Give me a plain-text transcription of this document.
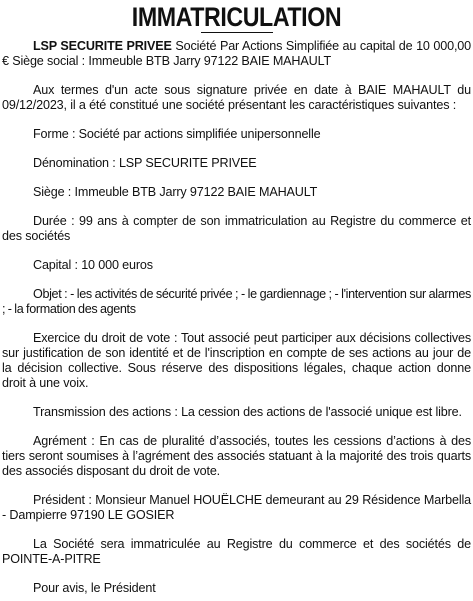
IMMATRICULATION

LSP SECURITE PRIVEE Société Par Actions Simplifiée au capital de 10 000,00 € Siège social : Immeuble BTB Jarry 97122 BAIE MAHAULT

Aux termes d'un acte sous signature privée en date à BAIE MAHAULT du 09/12/2023, il a été constitué une société présentant les caractéristiques suivantes :

Forme : Société par actions simplifiée unipersonnelle

Dénomination : LSP SECURITE PRIVEE

Siège : Immeuble BTB Jarry 97122 BAIE MAHAULT

Durée : 99 ans à compter de son immatriculation au Registre du commerce et des sociétés

Capital : 10 000 euros

Objet : - les activités de sécurité privée ; - le gardiennage ; - l'intervention sur alarmes ; - la formation des agents

Exercice du droit de vote : Tout associé peut participer aux décisions collectives sur justification de son identité et de l'inscription en compte de ses actions au jour de la décision collective. Sous réserve des dispositions légales, chaque action donne droit à une voix.

Transmission des actions : La cession des actions de l'associé unique est libre.

Agrément : En cas de pluralité d’associés, toutes les cessions d’actions à des tiers seront soumises à l’agrément des associés statuant à la majorité des trois quarts des associés disposant du droit de vote.

Président : Monsieur Manuel HOUËLCHE demeurant au 29 Résidence Marbella - Dampierre 97190 LE GOSIER

La Société sera immatriculée au Registre du commerce et des sociétés de POINTE-A-PITRE

Pour avis, le Président
